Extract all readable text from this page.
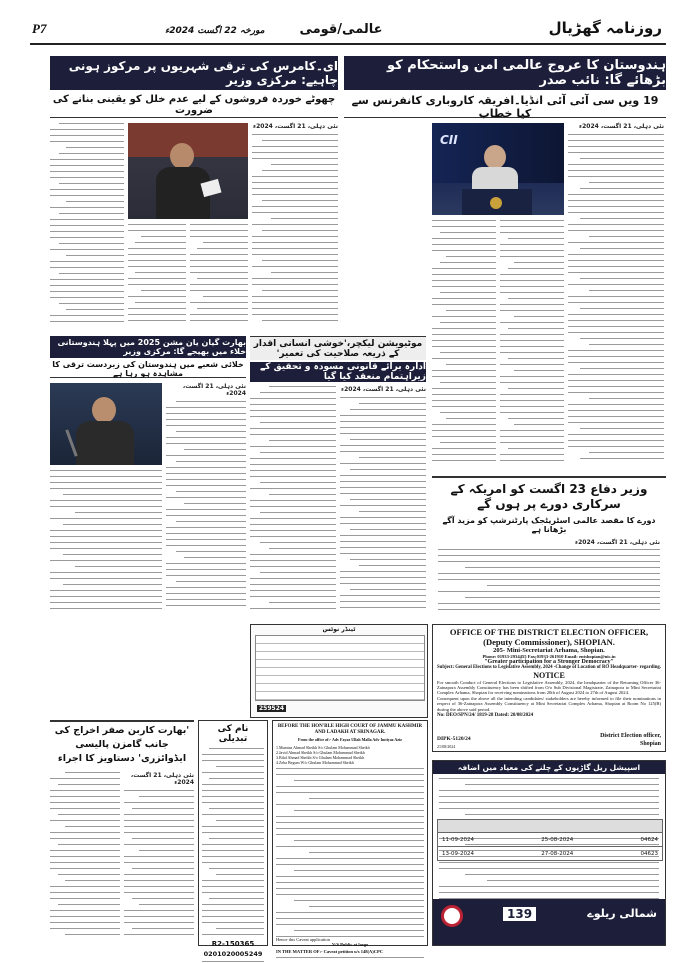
P7	مورخہ 22 اگست 2024ء	عالمی/قومی	روزنامہ گھڑیال
ہندوستان کا عروج عالمی امن واستحکام کو بڑھائے گا: نائب صدر
19 ویں سی آئی آئی انڈیا۔افریقہ کاروباری کانفرنس سے کیا خطاب
CII
نئی دہلی، 21 اگست، 2024ء
ای۔کامرس کی ترقی شہریوں پر مرکوز ہونی چاہیے: مرکزی وزیر
چھوٹے خوردہ فروشوں کے لیے عدم خلل کو یقینی بنانے کی ضرورت
نئی دہلی، 21 اگست، 2024ء
موٹیویشن لیکچر،'خوشی انسانی اقدار کے ذریعہ صلاحیت کی تعمیر'
ادارہ برائے قانونی مسودہ و تحقیق کے زیراہتمام منعقد کیا گیا
نئی دہلی، 21 اگست، 2024ء
بھارت گیان یان مشن 2025 میں پہلا ہندوستانی خلاء میں بھیجے گا: مرکزی وزیر
خلائی شعبے میں ہندوستان کی زبردست ترقی کا مشاہدہ ہو رہا ہے
نئی دہلی، 21 اگست، 2024ء
وزیر دفاع 23 اگست کو امریکہ کے سرکاری دورے پر ہوں گے
دورے کا مقصد عالمی اسٹریٹجک پارٹنرشپ کو مزید آگے بڑھانا ہے
نئی دہلی، 21 اگست، 2024ء
ٹینڈر نوٹس
259524
OFFICE OF THE DISTRICT ELECTION OFFICER,
(Deputy Commissioner), SHOPIAN.
205- Mini-Secretariat Arhama, Shopian.
Phone: 01933-2934455 Fax:01933-261910 Email: entshopian@nic.in
"Greater participation for a Stronger Democracy"
Subject: General Elections to Legislative Assembly, 2024 -Change of Location of RO Headquarter- regarding.
NOTICE
For smooth Conduct of General Elections to Legislative Assembly, 2024, the headquarter of the Returning Officer 36-Zainapora Assembly Constituency has been shifted from O/o Sub Divisional Magistrate, Zainapora to Mini Secretariat Complex Arhama, Shopian for receiving nominations from 20th of August 2024 to 27th of August 2024.
Consequent upon the above all the intending candidates/ stakeholders are hereby informed to file their nominations in respect of 36-Zainapora Assembly Constituency at Mini Secretariat Complex Arhama, Shopian at Room No 125(B) during the above said period.
No: DEO/SPN/24/ 1819-28 Dated: 20/08/2024
DIPK-5120/24
21/08/2024
District Election officer,
Shopian
BEFORE THE HON'BLE HIGH COURT OF JAMMU KASHMIR AND LADAKH AT SRINAGAR.
From the office of:- Adv Fayaz Ullah Malla Adv Imtiyaz Aziz
1.Mumtaz Ahmad Sheikh S/o Ghulam Mohammad Sheikh
2.Javid Ahmad Sheikh S/o Ghulam Mohammad Sheikh
3.Bilal Ahmad Sheikh S/o Ghulam Mohammad Sheikh
4.Zeba Begum W/o Ghulam Mohammad Sheikh
V/S Public at large
IN THE MATTER OF:- Caveat petition u/s 148(A)CPC
Hence this Caveat application
نام کی تبدیلی
R2-150365
0201020005249
'بھارت کاربن صفر اخراج کی جانب گامزن پالیسی ایڈوائزری' دستاویز کا اجراء
نئی دہلی، 21 اگست، 2024ء
اسپیشل ریل گاڑیوں کے چلنے کی معیاد میں اضافہ
11-09-2024	25-08-2024	04624
13-09-2024	27-08-2024	04623
139	شمالی ریلوے
